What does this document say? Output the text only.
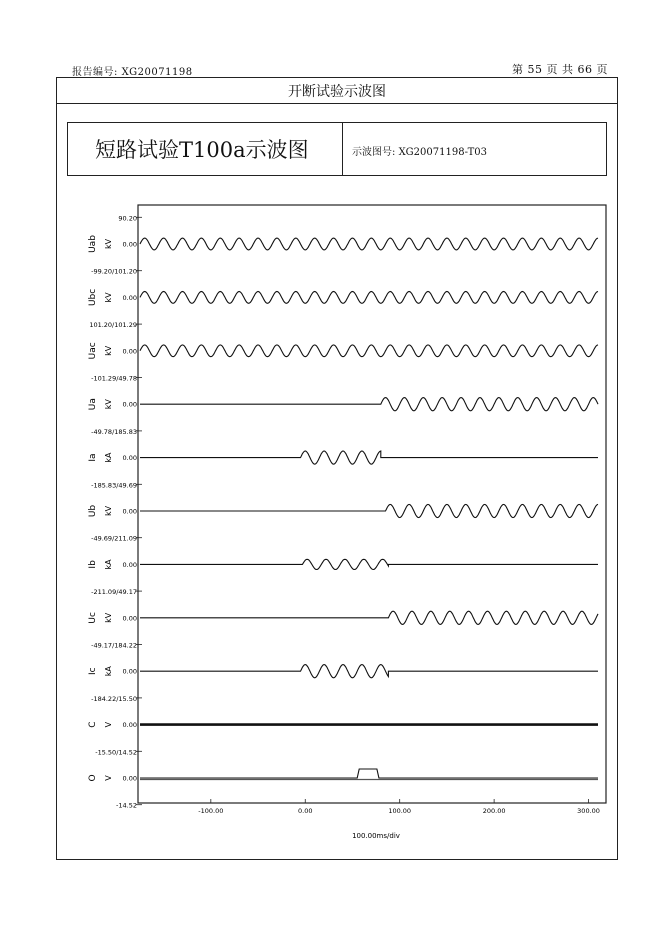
报告编号: XG20071198	第 55 页 共 66 页
开断试验示波图
短路试验T100a示波图	示波图号: XG20071198-T03
90.20
-99.20/101.20
101.20/101.29
-101.29/49.78
-49.78/185.83
-185.83/49.69
-49.69/211.09
-211.09/49.17
-49.17/184.22
-184.22/15.50
-15.50/14.52
-14.52
Uab kV 0.00
Ubc kV 0.00
Uac kV 0.00
Ua kV 0.00
Ia kA 0.00
Ub kV 0.00
Ib kA 0.00
Uc kV 0.00
Ic kA 0.00
C V 0.00
O V 0.00
-100.00	0.00	100.00	200.00	300.00
100.00ms/div
